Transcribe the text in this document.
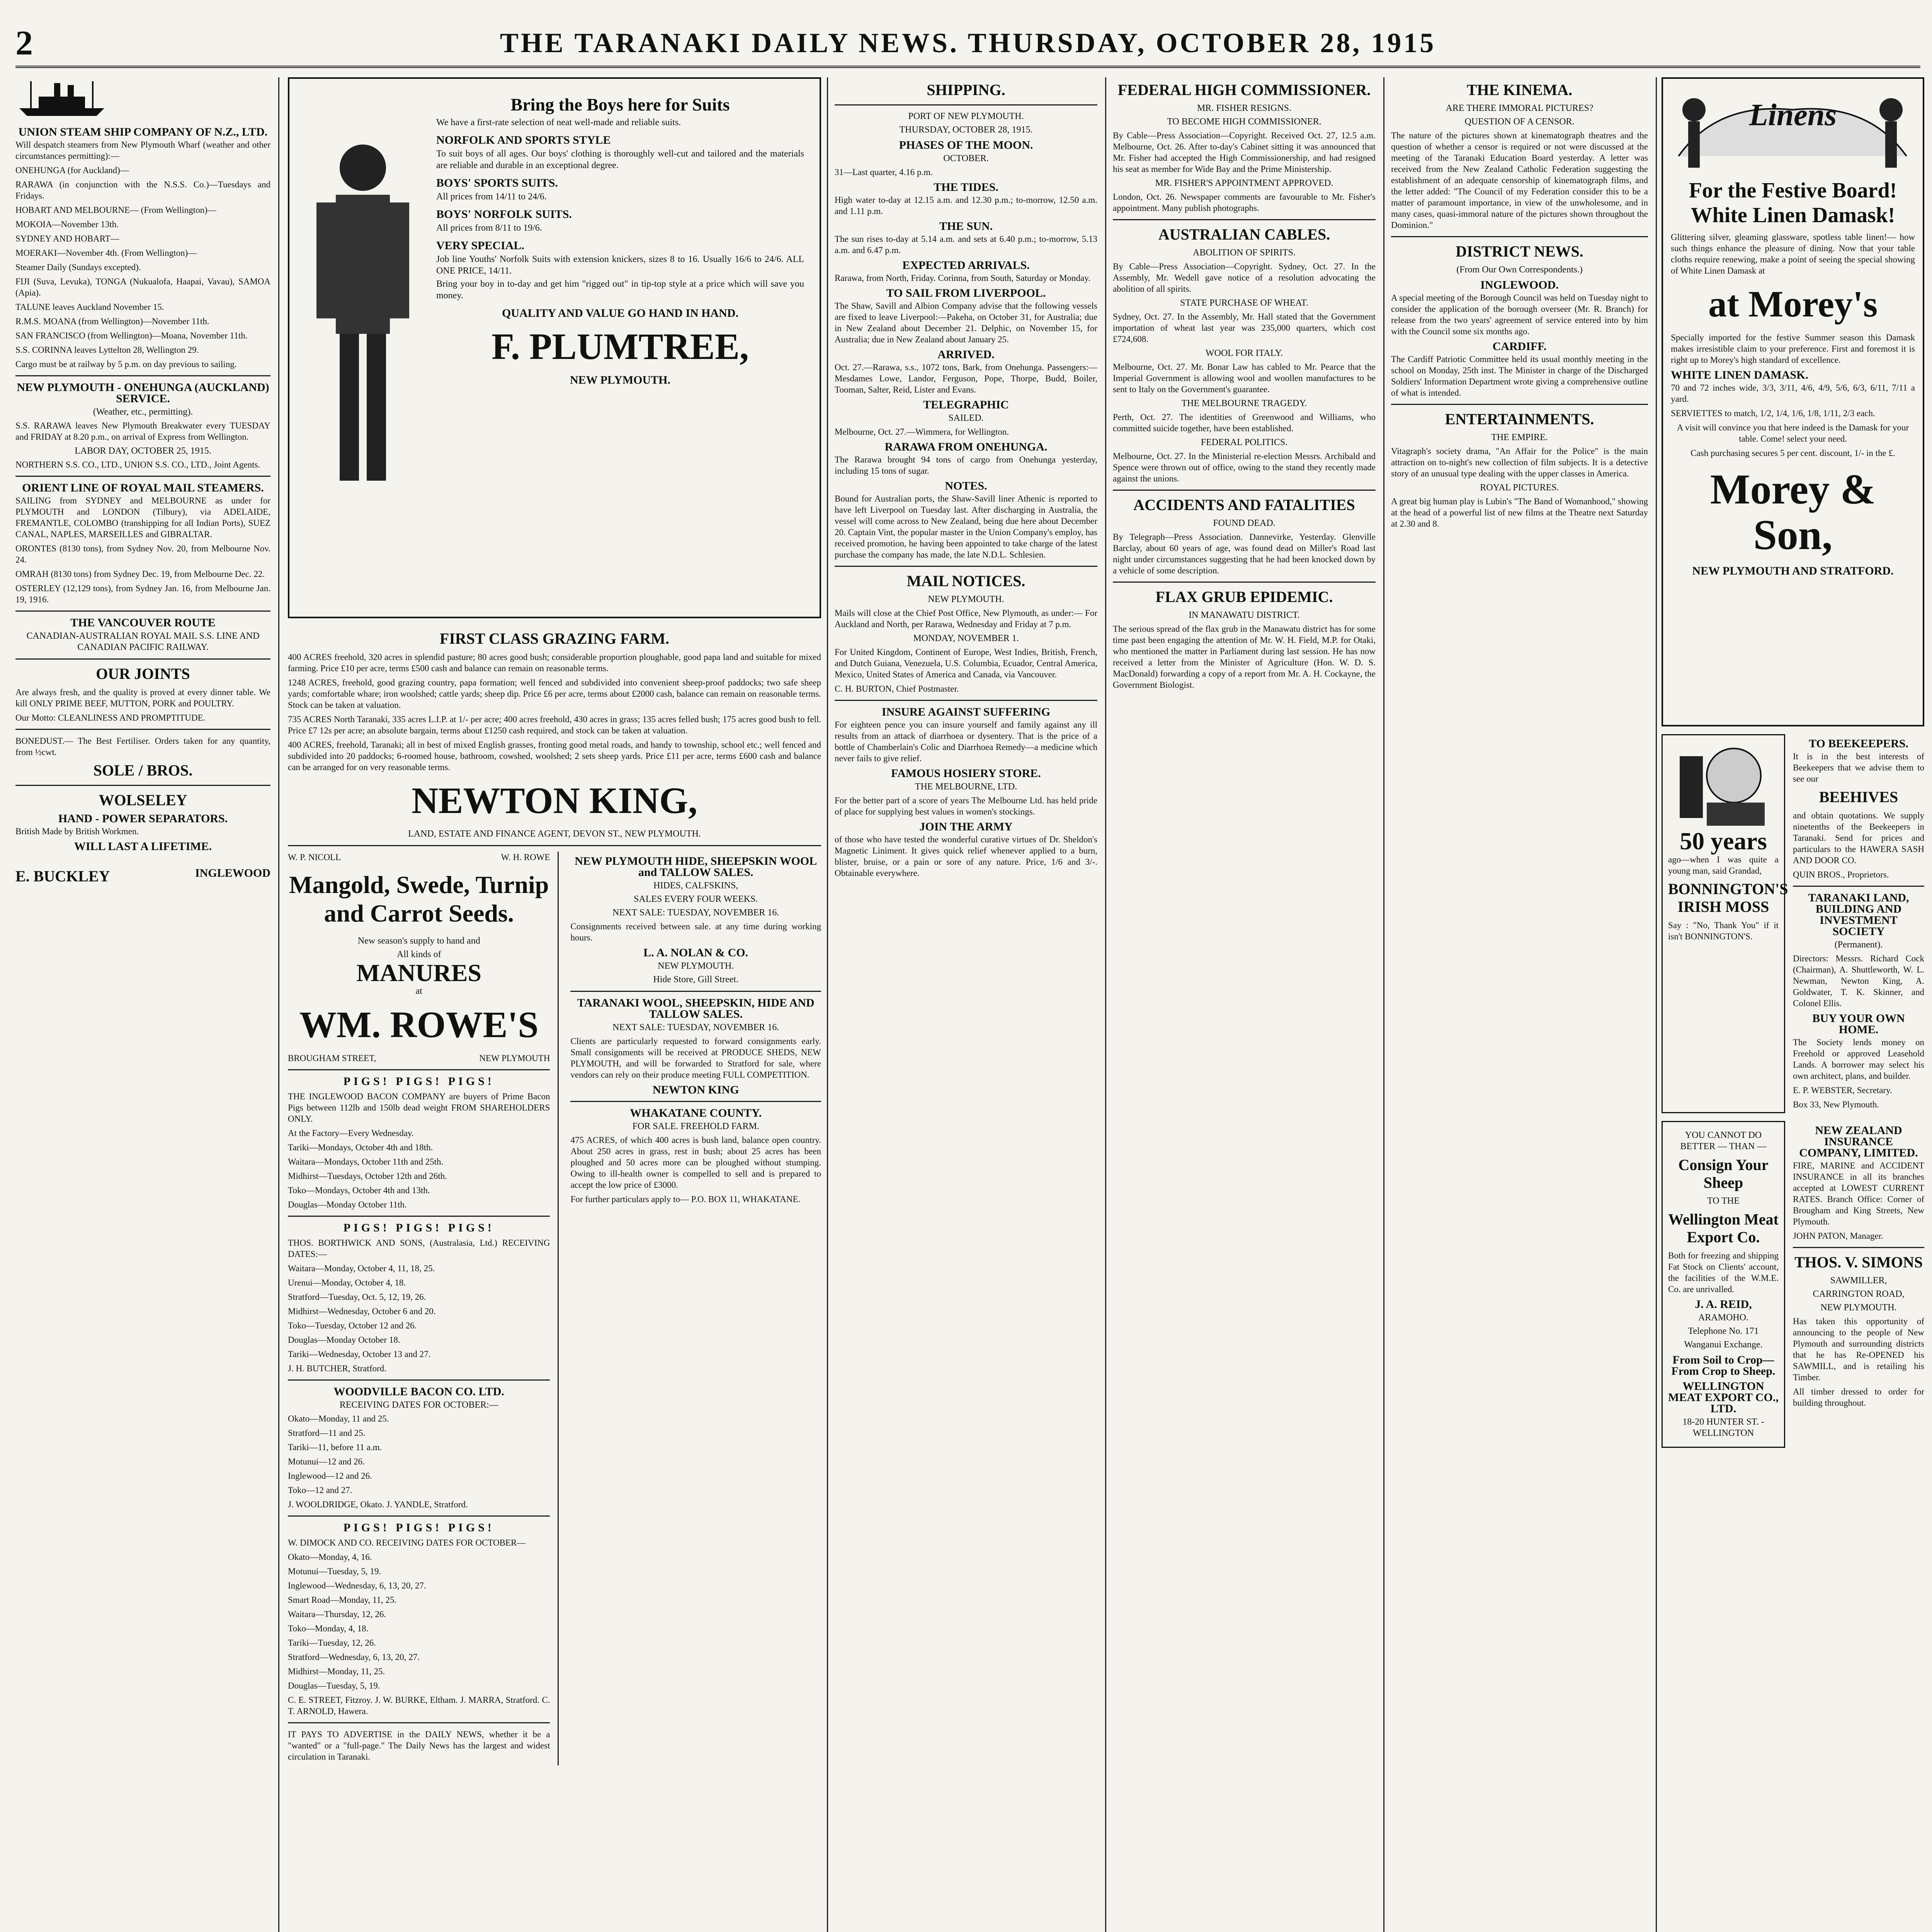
2	THE TARANAKI DAILY NEWS. THURSDAY, OCTOBER 28, 1915
UNION STEAM SHIP COMPANY OF N.Z., LTD.

Will despatch steamers from New Plymouth Wharf (weather and other circumstances permitting):—

ONEHUNGA (for Auckland)—

RARAWA (in conjunction with the N.S.S. Co.)—Tuesdays and Fridays.

HOBART AND MELBOURNE— (From Wellington)—

MOKOIA—November 13th.

SYDNEY AND HOBART—

MOERAKI—November 4th. (From Wellington)—

Steamer Daily (Sundays excepted).

FIJI (Suva, Levuka), TONGA (Nukualofa, Haapai, Vavau), SAMOA (Apia).

TALUNE leaves Auckland November 15.

R.M.S. MOANA (from Wellington)—November 11th.

SAN FRANCISCO (from Wellington)—Moana, November 11th.

S.S. CORINNA leaves Lyttelton 28, Wellington 29.

Cargo must be at railway by 5 p.m. on day previous to sailing.

NEW PLYMOUTH - ONEHUNGA (AUCKLAND) SERVICE.
(Weather, etc., permitting).

S.S. RARAWA leaves New Plymouth Breakwater every TUESDAY and FRIDAY at 8.20 p.m., on arrival of Express from Wellington.

LABOR DAY, OCTOBER 25, 1915.

NORTHERN S.S. CO., LTD., UNION S.S. CO., LTD., Joint Agents.

ORIENT LINE OF ROYAL MAIL STEAMERS.

SAILING from SYDNEY and MELBOURNE as under for PLYMOUTH and LONDON (Tilbury), via ADELAIDE, FREMANTLE, COLOMBO (transhipping for all Indian Ports), SUEZ CANAL, NAPLES, MARSEILLES and GIBRALTAR.

ORONTES (8130 tons), from Sydney Nov. 20, from Melbourne Nov. 24.

OMRAH (8130 tons) from Sydney Dec. 19, from Melbourne Dec. 22.

OSTERLEY (12,129 tons), from Sydney Jan. 16, from Melbourne Jan. 19, 1916.

THE VANCOUVER ROUTE
CANADIAN-AUSTRALIAN ROYAL MAIL S.S. LINE AND CANADIAN PACIFIC RAILWAY.
OUR JOINTS

Are always fresh, and the quality is proved at every dinner table. We kill ONLY PRIME BEEF, MUTTON, PORK and POULTRY.

Our Motto: CLEANLINESS AND PROMPTITUDE.

BONEDUST.— The Best Fertiliser. Orders taken for any quantity, from ½cwt.

SOLE / BROS.
WOLSELEY
HAND - POWER SEPARATORS.

British Made by British Workmen.

WILL LAST A LIFETIME.
E. BUCKLEY	INGLEWOOD
Bring the Boys here for Suits

We have a first-rate selection of neat well-made and reliable suits.

NORFOLK AND SPORTS STYLE

To suit boys of all ages. Our boys' clothing is thoroughly well-cut and tailored and the materials are reliable and durable in an exceptional degree.

BOYS' SPORTS SUITS.

All prices from 14/11 to 24/6.

BOYS' NORFOLK SUITS.

All prices from 8/11 to 19/6.

VERY SPECIAL.

Job line Youths' Norfolk Suits with extension knickers, sizes 8 to 16. Usually 16/6 to 24/6. ALL ONE PRICE, 14/11.

Bring your boy in to-day and get him "rigged out" in tip-top style at a price which will save you money.

QUALITY AND VALUE GO HAND IN HAND.
F. PLUMTREE,
NEW PLYMOUTH.
FIRST CLASS GRAZING FARM.

400 ACRES freehold, 320 acres in splendid pasture; 80 acres good bush; considerable proportion ploughable, good papa land and suitable for mixed farming. Price £10 per acre, terms £500 cash and balance can remain on reasonable terms.

1248 ACRES, freehold, good grazing country, papa formation; well fenced and subdivided into convenient sheep-proof paddocks; two safe sheep yards; comfortable whare; iron woolshed; cattle yards; sheep dip. Price £6 per acre, terms about £2000 cash, balance can remain on reasonable terms. Stock can be taken at valuation.

735 ACRES North Taranaki, 335 acres L.I.P. at 1/- per acre; 400 acres freehold, 430 acres in grass; 135 acres felled bush; 175 acres good bush to fell. Price £7 12s per acre; an absolute bargain, terms about £1250 cash required, and stock can be taken at valuation.

400 ACRES, freehold, Taranaki; all in best of mixed English grasses, fronting good metal roads, and handy to township, school etc.; well fenced and subdivided into 20 paddocks; 6-roomed house, bathroom, cowshed, woolshed; 2 sets sheep yards. Price £11 per acre, terms £600 cash and balance can be arranged for on very reasonable terms.

NEWTON KING,
LAND, ESTATE AND FINANCE AGENT, DEVON ST., NEW PLYMOUTH.
W. P. NICOLL	W. H. ROWE
Mangold, Swede, Turnip and Carrot Seeds.
New season's supply to hand and
All kinds of
MANURES
at
WM. ROWE'S
BROUGHAM STREET,	NEW PLYMOUTH
PIGS! PIGS! PIGS!

THE INGLEWOOD BACON COMPANY are buyers of Prime Bacon Pigs between 112lb and 150lb dead weight FROM SHAREHOLDERS ONLY.

At the Factory—Every Wednesday.

Tariki—Mondays, October 4th and 18th.

Waitara—Mondays, October 11th and 25th.

Midhirst—Tuesdays, October 12th and 26th.

Toko—Mondays, October 4th and 13th.

Douglas—Monday October 11th.

PIGS! PIGS! PIGS!

THOS. BORTHWICK AND SONS, (Australasia, Ltd.) RECEIVING DATES:—

Waitara—Monday, October 4, 11, 18, 25.

Urenui—Monday, October 4, 18.

Stratford—Tuesday, Oct. 5, 12, 19, 26.

Midhirst—Wednesday, October 6 and 20.

Toko—Tuesday, October 12 and 26.

Douglas—Monday October 18.

Tariki—Wednesday, October 13 and 27.

J. H. BUTCHER, Stratford.

WOODVILLE BACON CO. LTD.
RECEIVING DATES FOR OCTOBER:—

Okato—Monday, 11 and 25.

Stratford—11 and 25.

Tariki—11, before 11 a.m.

Motunui—12 and 26.

Inglewood—12 and 26.

Toko—12 and 27.

J. WOOLDRIDGE, Okato. J. YANDLE, Stratford.

PIGS! PIGS! PIGS!

W. DIMOCK AND CO. RECEIVING DATES FOR OCTOBER—

Okato—Monday, 4, 16.

Motunui—Tuesday, 5, 19.

Inglewood—Wednesday, 6, 13, 20, 27.

Smart Road—Monday, 11, 25.

Waitara—Thursday, 12, 26.

Toko—Monday, 4, 18.

Tariki—Tuesday, 12, 26.

Stratford—Wednesday, 6, 13, 20, 27.

Midhirst—Monday, 11, 25.

Douglas—Tuesday, 5, 19.

C. E. STREET, Fitzroy. J. W. BURKE, Eltham. J. MARRA, Stratford. C. T. ARNOLD, Hawera.

IT PAYS TO ADVERTISE in the DAILY NEWS, whether it be a "wanted" or a "full-page." The Daily News has the largest and widest circulation in Taranaki.

NEW PLYMOUTH HIDE, SHEEPSKIN WOOL and TALLOW SALES.
HIDES, CALFSKINS,
SALES EVERY FOUR WEEKS.
NEXT SALE: TUESDAY, NOVEMBER 16.

Consignments received between sale. at any time during working hours.

L. A. NOLAN & CO.
NEW PLYMOUTH.
Hide Store, Gill Street.
TARANAKI WOOL, SHEEPSKIN, HIDE AND TALLOW SALES.
NEXT SALE: TUESDAY, NOVEMBER 16.

Clients are particularly requested to forward consignments early. Small consignments will be received at PRODUCE SHEDS, NEW PLYMOUTH, and will be forwarded to Stratford for sale, where vendors can rely on their produce meeting FULL COMPETITION.

NEWTON KING
WHAKATANE COUNTY.
FOR SALE. FREEHOLD FARM.

475 ACRES, of which 400 acres is bush land, balance open country. About 250 acres in grass, rest in bush; about 25 acres has been ploughed and 50 acres more can be ploughed without stumping. Owing to ill-health owner is compelled to sell and is prepared to accept the low price of £3000.

For further particulars apply to— P.O. BOX 11, WHAKATANE.

SHIPPING.
PORT OF NEW PLYMOUTH.
THURSDAY, OCTOBER 28, 1915.
PHASES OF THE MOON.
OCTOBER.

31—Last quarter, 4.16 p.m.

THE TIDES.

High water to-day at 12.15 a.m. and 12.30 p.m.; to-morrow, 12.50 a.m. and 1.11 p.m.

THE SUN.

The sun rises to-day at 5.14 a.m. and sets at 6.40 p.m.; to-morrow, 5.13 a.m. and 6.47 p.m.

EXPECTED ARRIVALS.

Rarawa, from North, Friday. Corinna, from South, Saturday or Monday.

TO SAIL FROM LIVERPOOL.

The Shaw, Savill and Albion Company advise that the following vessels are fixed to leave Liverpool:—Pakeha, on October 31, for Australia; due in New Zealand about December 21. Delphic, on November 15, for Australia; due in New Zealand about January 25.

ARRIVED.

Oct. 27.—Rarawa, s.s., 1072 tons, Bark, from Onehunga. Passengers:—Mesdames Lowe, Landor, Ferguson, Pope, Thorpe, Budd, Boiler, Tooman, Salter, Reid, Lister and Evans.

TELEGRAPHIC
SAILED.

Melbourne, Oct. 27.—Wimmera, for Wellington.

RARAWA FROM ONEHUNGA.

The Rarawa brought 94 tons of cargo from Onehunga yesterday, including 15 tons of sugar.

NOTES.

Bound for Australian ports, the Shaw-Savill liner Athenic is reported to have left Liverpool on Tuesday last. After discharging in Australia, the vessel will come across to New Zealand, being due here about December 20. Captain Vint, the popular master in the Union Company's employ, has received promotion, he having been appointed to take charge of the latest purchase the company has made, the late N.D.L. Schlesien.

MAIL NOTICES.
NEW PLYMOUTH.

Mails will close at the Chief Post Office, New Plymouth, as under:— For Auckland and North, per Rarawa, Wednesday and Friday at 7 p.m.

MONDAY, NOVEMBER 1.

For United Kingdom, Continent of Europe, West Indies, British, French, and Dutch Guiana, Venezuela, U.S. Columbia, Ecuador, Central America, Mexico, United States of America and Canada, via Vancouver.

C. H. BURTON, Chief Postmaster.

INSURE AGAINST SUFFERING

For eighteen pence you can insure yourself and family against any ill results from an attack of diarrhoea or dysentery. That is the price of a bottle of Chamberlain's Colic and Diarrhoea Remedy—a medicine which never fails to give relief.

FAMOUS HOSIERY STORE.
THE MELBOURNE, LTD.

For the better part of a score of years The Melbourne Ltd. has held pride of place for supplying best values in women's stockings.

JOIN THE ARMY

of those who have tested the wonderful curative virtues of Dr. Sheldon's Magnetic Liniment. It gives quick relief whenever applied to a burn, blister, bruise, or a pain or sore of any nature. Price, 1/6 and 3/-. Obtainable everywhere.

FEDERAL HIGH COMMISSIONER.
MR. FISHER RESIGNS.
TO BECOME HIGH COMMISSIONER.

By Cable—Press Association—Copyright. Received Oct. 27, 12.5 a.m. Melbourne, Oct. 26. After to-day's Cabinet sitting it was announced that Mr. Fisher had accepted the High Commissionership, and had resigned his seat as member for Wide Bay and the Prime Ministership.

MR. FISHER'S APPOINTMENT APPROVED.

London, Oct. 26. Newspaper comments are favourable to Mr. Fisher's appointment. Many publish photographs.

AUSTRALIAN CABLES.
ABOLITION OF SPIRITS.

By Cable—Press Association—Copyright. Sydney, Oct. 27. In the Assembly, Mr. Wedell gave notice of a resolution advocating the abolition of all spirits.

STATE PURCHASE OF WHEAT.

Sydney, Oct. 27. In the Assembly, Mr. Hall stated that the Government importation of wheat last year was 235,000 quarters, which cost £724,608.

WOOL FOR ITALY.

Melbourne, Oct. 27. Mr. Bonar Law has cabled to Mr. Pearce that the Imperial Government is allowing wool and woollen manufactures to be sent to Italy on the Government's guarantee.

THE MELBOURNE TRAGEDY.

Perth, Oct. 27. The identities of Greenwood and Williams, who committed suicide together, have been established.

FEDERAL POLITICS.

Melbourne, Oct. 27. In the Ministerial re-election Messrs. Archibald and Spence were thrown out of office, owing to the stand they recently made against the unions.

ACCIDENTS AND FATALITIES
FOUND DEAD.

By Telegraph—Press Association. Dannevirke, Yesterday. Glenville Barclay, about 60 years of age, was found dead on Miller's Road last night under circumstances suggesting that he had been knocked down by a vehicle of some description.

FLAX GRUB EPIDEMIC.
IN MANAWATU DISTRICT.

The serious spread of the flax grub in the Manawatu district has for some time past been engaging the attention of Mr. W. H. Field, M.P. for Otaki, who mentioned the matter in Parliament during last session. He has now received a letter from the Minister of Agriculture (Hon. W. D. S. MacDonald) forwarding a copy of a report from Mr. A. H. Cockayne, the Government Biologist.

THE KINEMA.
ARE THERE IMMORAL PICTURES?
QUESTION OF A CENSOR.

The nature of the pictures shown at kinematograph theatres and the question of whether a censor is required or not were discussed at the meeting of the Taranaki Education Board yesterday. A letter was received from the New Zealand Catholic Federation suggesting the establishment of an adequate censorship of kinematograph films, and the letter added: "The Council of my Federation consider this to be a matter of paramount importance, in view of the unwholesome, and in many cases, quasi-immoral nature of the pictures shown throughout the Dominion."

DISTRICT NEWS.
(From Our Own Correspondents.)
INGLEWOOD.

A special meeting of the Borough Council was held on Tuesday night to consider the application of the borough overseer (Mr. R. Branch) for release from the two years' agreement of service entered into by him with the Council some six months ago.

CARDIFF.

The Cardiff Patriotic Committee held its usual monthly meeting in the school on Monday, 25th inst. The Minister in charge of the Discharged Soldiers' Information Department wrote giving a comprehensive outline of what is intended.

ENTERTAINMENTS.
THE EMPIRE.

Vitagraph's society drama, "An Affair for the Police" is the main attraction on to-night's new collection of film subjects. It is a detective story of an unusual type dealing with the upper classes in America.

ROYAL PICTURES.

A great big human play is Lubin's "The Band of Womanhood," showing at the head of a powerful list of new films at the Theatre next Saturday at 2.30 and 8.

Linens
For the Festive Board! White Linen Damask!

Glittering silver, gleaming glassware, spotless table linen!— how such things enhance the pleasure of dining. Now that your table cloths require renewing, make a point of seeing the special showing of White Linen Damask at

at Morey's

Specially imported for the festive Summer season this Damask makes irresistible claim to your preference. First and foremost it is right up to Morey's high standard of excellence.

WHITE LINEN DAMASK.

70 and 72 inches wide, 3/3, 3/11, 4/6, 4/9, 5/6, 6/3, 6/11, 7/11 a yard.

SERVIETTES to match, 1/2, 1/4, 1/6, 1/8, 1/11, 2/3 each.

A visit will convince you that here indeed is the Damask for your table. Come! select your need.

Cash purchasing secures 5 per cent. discount, 1/- in the £.

Morey & Son,
NEW PLYMOUTH AND STRATFORD.
50 years

ago—when I was quite a young man, said Grandad,

BONNINGTON'S IRISH MOSS

Say : "No, Thank You" if it isn't BONNINGTON'S.

TO BEEKEEPERS.

It is in the best interests of Beekeepers that we advise them to see our

BEEHIVES

and obtain quotations. We supply ninetenths of the Beekeepers in Taranaki. Send for prices and particulars to the HAWERA SASH AND DOOR CO.

QUIN BROS., Proprietors.

TARANAKI LAND, BUILDING AND INVESTMENT SOCIETY
(Permanent).

Directors: Messrs. Richard Cock (Chairman), A. Shuttleworth, W. L. Newman, Newton King, A. Goldwater, T. K. Skinner, and Colonel Ellis.

BUY YOUR OWN HOME.

The Society lends money on Freehold or approved Leasehold Lands. A borrower may select his own architect, plans, and builder.

E. P. WEBSTER, Secretary.

Box 33, New Plymouth.

YOU CANNOT DO BETTER — THAN —
Consign Your Sheep
TO THE
Wellington Meat Export Co.

Both for freezing and shipping Fat Stock on Clients' account, the facilities of the W.M.E. Co. are unrivalled.

J. A. REID,
ARAMOHO.
Telephone No. 171
Wanganui Exchange.
From Soil to Crop—From Crop to Sheep.
WELLINGTON MEAT EXPORT CO., LTD.
18-20 HUNTER ST. - WELLINGTON
NEW ZEALAND INSURANCE COMPANY, LIMITED.

FIRE, MARINE and ACCIDENT INSURANCE in all its branches accepted at LOWEST CURRENT RATES. Branch Office: Corner of Brougham and King Streets, New Plymouth.

JOHN PATON, Manager.

THOS. V. SIMONS
SAWMILLER,
CARRINGTON ROAD,
NEW PLYMOUTH.

Has taken this opportunity of announcing to the people of New Plymouth and surrounding districts that he has Re-OPENED his SAWMILL, and is retailing his Timber.

All timber dressed to order for building throughout.
